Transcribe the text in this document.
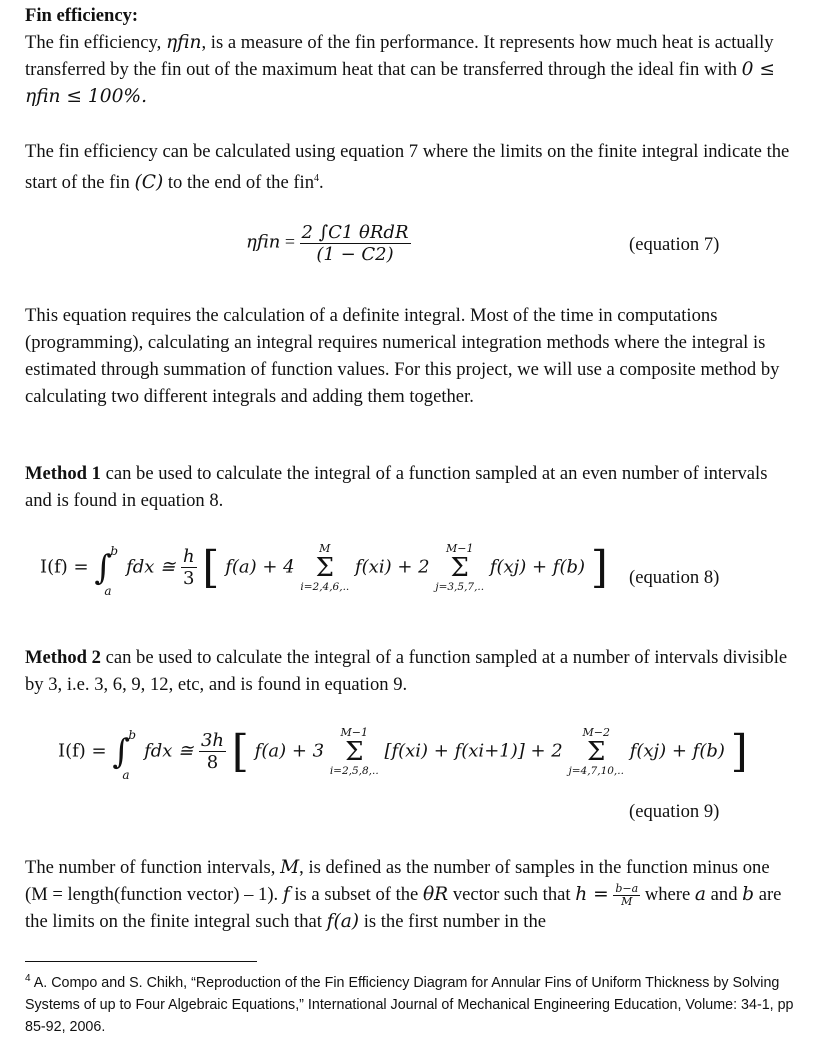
Fin efficiency:

The fin efficiency, ηfin, is a measure of the fin performance. It represents how much heat is actually transferred by the fin out of the maximum heat that can be transferred through the ideal fin with 0 ≤ ηfin ≤ 100%.

The fin efficiency can be calculated using equation 7 where the limits on the finite integral indicate the start of the fin (C) to the end of the fin$^4$.

$\eta fin = \frac{\text{2 ∫C1 θRdR}}{(1 - C2)}$	(equation 7)

This equation requires the calculation of a definite integral. Most of the time in computations (programming), calculating an integral requires numerical integration methods where the integral is estimated through summation of function values. For this project, we will use a composite method by calculating two different integrals and adding them together.

Method 1 can be used to calculate the integral of a function sampled at an even number of intervals and is found in equation 8.

I(f) = ∫
b
a
fdx ≅ $\frac{h}{3}$ [ f(a) + 4
M
Σ
i=2,4,6,..
f(xi) + 2
M−1
Σ
j=3,5,7,..
f(xj) + f(b) ] (equation 8)

Method 2 can be used to calculate the integral of a function sampled at a number of intervals divisible by 3, i.e. 3, 6, 9, 12, etc, and is found in equation 9.

I(f) = ∫
b
a
fdx ≅ $\frac{3h}{8}$ [ f(a) + 3
M−1
Σ
i=2,5,8,..
[f(xi) + f(xi+1)] + 2
M−2
Σ
j=4,7,10,..
f(xj) + f(b) ]
(equation 9)

The number of function intervals, M, is defined as the number of samples in the function minus one (M = length(function vector) – 1). f is a subset of the θR vector such that $h = \frac{b-a}{M}$ where a and b are the limits on the finite integral such that f(a) is the first number in the

$^4$ A. Compo and S. Chikh, “Reproduction of the Fin Efficiency Diagram for Annular Fins of Uniform Thickness by Solving Systems of up to Four Algebraic Equations,” International Journal of Mechanical Engineering Education, Volume: 34-1, pp 85-92, 2006.
